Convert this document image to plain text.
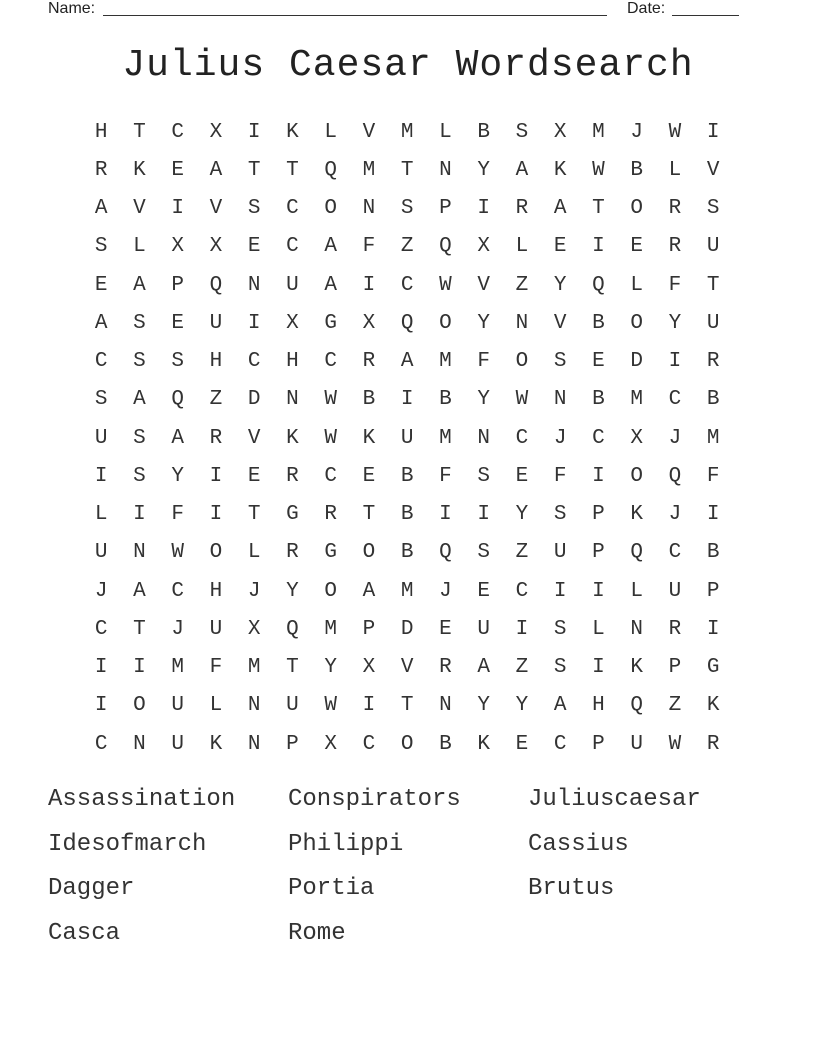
Name:	Date:
Julius Caesar Wordsearch
H	T	C	X	I	K	L	V	M	L	B	S	X	M	J	W	I
R	K	E	A	T	T	Q	M	T	N	Y	A	K	W	B	L	V
A	V	I	V	S	C	O	N	S	P	I	R	A	T	O	R	S
S	L	X	X	E	C	A	F	Z	Q	X	L	E	I	E	R	U
E	A	P	Q	N	U	A	I	C	W	V	Z	Y	Q	L	F	T
A	S	E	U	I	X	G	X	Q	O	Y	N	V	B	O	Y	U
C	S	S	H	C	H	C	R	A	M	F	O	S	E	D	I	R
S	A	Q	Z	D	N	W	B	I	B	Y	W	N	B	M	C	B
U	S	A	R	V	K	W	K	U	M	N	C	J	C	X	J	M
I	S	Y	I	E	R	C	E	B	F	S	E	F	I	O	Q	F
L	I	F	I	T	G	R	T	B	I	I	Y	S	P	K	J	I
U	N	W	O	L	R	G	O	B	Q	S	Z	U	P	Q	C	B
J	A	C	H	J	Y	O	A	M	J	E	C	I	I	L	U	P
C	T	J	U	X	Q	M	P	D	E	U	I	S	L	N	R	I
I	I	M	F	M	T	Y	X	V	R	A	Z	S	I	K	P	G
I	O	U	L	N	U	W	I	T	N	Y	Y	A	H	Q	Z	K
C	N	U	K	N	P	X	C	O	B	K	E	C	P	U	W	R
Assassination	Conspirators	Juliuscaesar
Idesofmarch	Philippi	Cassius
Dagger	Portia	Brutus
Casca	Rome
